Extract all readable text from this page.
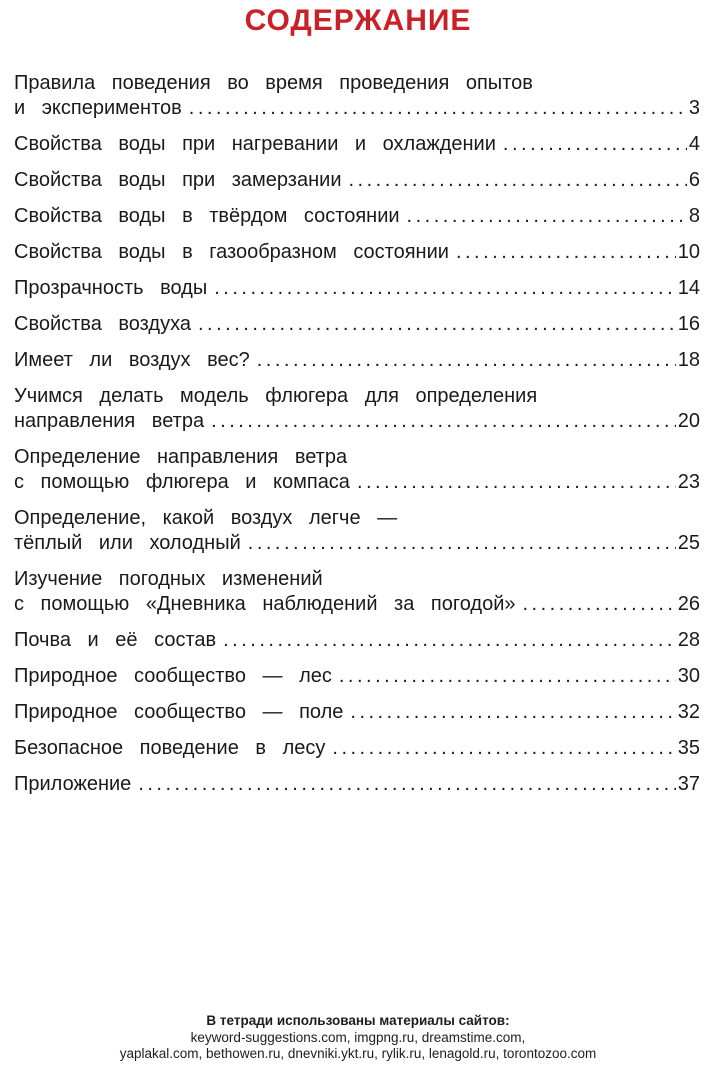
СОДЕРЖАНИЕ
Правила поведения во время проведения опытов
и экспериментов .....	3
Свойства воды при нагревании и охлаждении .....	4
Свойства воды при замерзании .....	6
Свойства воды в твёрдом состоянии .....	8
Свойства воды в газообразном состоянии .....	10
Прозрачность воды .....	14
Свойства воздуха .....	16
Имеет ли воздух вес? .....	18
Учимся делать модель флюгера для определения
направления ветра .....	20
Определение направления ветра
с помощью флюгера и компаса .....	23
Определение, какой воздух легче —
тёплый или холодный .....	25
Изучение погодных изменений
с помощью «Дневника наблюдений за погодой» .....	26
Почва и её состав .....	28
Природное сообщество — лес .....	30
Природное сообщество — поле .....	32
Безопасное поведение в лесу .....	35
Приложение .....	37
В тетради использованы материалы сайтов:
keyword-suggestions.com, imgpng.ru, dreamstime.com,
yaplakal.com, bethowen.ru, dnevniki.ykt.ru, rylik.ru, lenagold.ru, torontozoo.com
